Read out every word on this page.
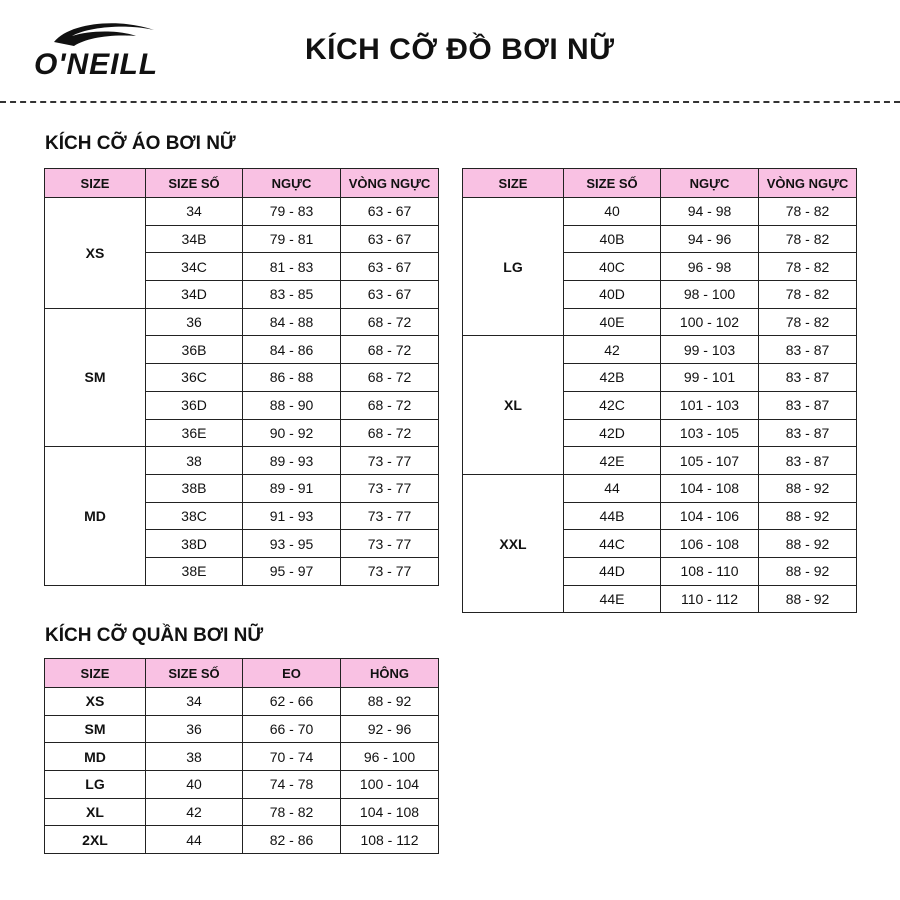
O'NEILL	KÍCH CỠ ĐỒ BƠI NỮ
KÍCH CỠ ÁO BƠI NỮ
SIZE	SIZE SỐ	NGỰC	VÒNG NGỰC
XS	34	79 - 83	63 - 67
	34B	79 - 81	63 - 67
	34C	81 - 83	63 - 67
	34D	83 - 85	63 - 67
SM	36	84 - 88	68 - 72
	36B	84 - 86	68 - 72
	36C	86 - 88	68 - 72
	36D	88 - 90	68 - 72
	36E	90 - 92	68 - 72
MD	38	89 - 93	73 - 77
	38B	89 - 91	73 - 77
	38C	91 - 93	73 - 77
	38D	93 - 95	73 - 77
	38E	95 - 97	73 - 77
SIZE	SIZE SỐ	NGỰC	VÒNG NGỰC
LG	40	94 - 98	78 - 82
	40B	94 - 96	78 - 82
	40C	96 - 98	78 - 82
	40D	98 - 100	78 - 82
	40E	100 - 102	78 - 82
XL	42	99 - 103	83 - 87
	42B	99 - 101	83 - 87
	42C	101 - 103	83 - 87
	42D	103 - 105	83 - 87
	42E	105 - 107	83 - 87
XXL	44	104 - 108	88 - 92
	44B	104 - 106	88 - 92
	44C	106 - 108	88 - 92
	44D	108 - 110	88 - 92
	44E	110 - 112	88 - 92
KÍCH CỠ QUẦN BƠI NỮ
SIZE	SIZE SỐ	EO	HÔNG
XS	34	62 - 66	88 - 92
SM	36	66 - 70	92 - 96
MD	38	70 - 74	96 - 100
LG	40	74 - 78	100 - 104
XL	42	78 - 82	104 - 108
2XL	44	82 - 86	108 - 112
